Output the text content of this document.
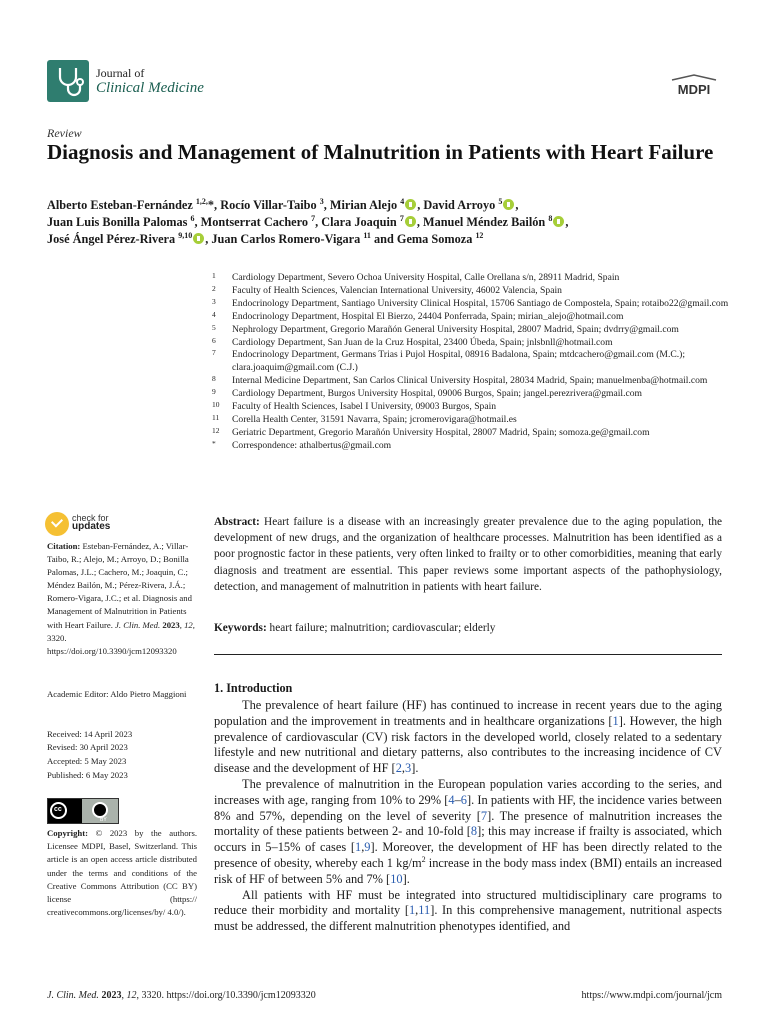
Journal of
Clinical Medicine	MDPI
Review
Diagnosis and Management of Malnutrition in Patients with Heart Failure
Alberto Esteban-Fernández $^{1,2,}$*, Rocío Villar-Taibo $^3$, Mirian Alejo $^4$ , David Arroyo $^5$ ,
Juan Luis Bonilla Palomas $^6$, Montserrat Cachero $^7$, Clara Joaquin $^7$ , Manuel Méndez Bailón $^8$ ,
José Ángel Pérez-Rivera $^{9,10}$ , Juan Carlos Romero-Vigara $^{11}$ and Gema Somoza $^{12}$
1 Cardiology Department, Severo Ochoa University Hospital, Calle Orellana s/n, 28911 Madrid, Spain
2 Faculty of Health Sciences, Valencian International University, 46002 Valencia, Spain
3 Endocrinology Department, Santiago University Clinical Hospital, 15706 Santiago de Compostela, Spain; rotaibo22@gmail.com
4 Endocrinology Department, Hospital El Bierzo, 24404 Ponferrada, Spain; mirian_alejo@hotmail.com
5 Nephrology Department, Gregorio Marañón General University Hospital, 28007 Madrid, Spain; dvdrry@gmail.com
6 Cardiology Department, San Juan de la Cruz Hospital, 23400 Úbeda, Spain; jnlsbnll@hotmail.com
7 Endocrinology Department, Germans Trias i Pujol Hospital, 08916 Badalona, Spain; mtdcachero@gmail.com (M.C.); clara.joaquim@gmail.com (C.J.)
8 Internal Medicine Department, San Carlos Clinical University Hospital, 28034 Madrid, Spain; manuelmenba@hotmail.com
9 Cardiology Department, Burgos University Hospital, 09006 Burgos, Spain; jangel.perezrivera@gmail.com
10 Faculty of Health Sciences, Isabel I University, 09003 Burgos, Spain
11 Corella Health Center, 31591 Navarra, Spain; jcromerovigara@hotmail.es
12 Geriatric Department, Gregorio Marañón University Hospital, 28007 Madrid, Spain; somoza.ge@gmail.com
* Correspondence: athalbertus@gmail.com
check for
updates
Citation: Esteban-Fernández, A.; Villar-Taibo, R.; Alejo, M.; Arroyo, D.; Bonilla Palomas, J.L.; Cachero, M.; Joaquin, C.; Méndez Bailón, M.; Pérez-Rivera, J.Á.; Romero-Vigara, J.C.; et al. Diagnosis and Management of Malnutrition in Patients with Heart Failure. J. Clin. Med. 2023, 12, 3320. https://doi.org/10.3390/jcm12093320
Academic Editor: Aldo Pietro Maggioni
Received: 14 April 2023
Revised: 30 April 2023
Accepted: 5 May 2023
Published: 6 May 2023
cc
BY
Copyright: © 2023 by the authors. Licensee MDPI, Basel, Switzerland. This article is an open access article distributed under the terms and conditions of the Creative Commons Attribution (CC BY) license (https:// creativecommons.org/licenses/by/ 4.0/).
Abstract: Heart failure is a disease with an increasingly greater prevalence due to the aging population, the development of new drugs, and the organization of healthcare processes. Malnutrition has been identified as a poor prognostic factor in these patients, very often linked to frailty or to other comorbidities, meaning that early diagnosis and treatment are essential. This paper reviews some important aspects of the pathophysiology, detection, and management of malnutrition in patients with heart failure.
Keywords: heart failure; malnutrition; cardiovascular; elderly
1. Introduction

The prevalence of heart failure (HF) has continued to increase in recent years due to the aging population and the improvement in treatments and in healthcare organizations [1]. However, the high prevalence of cardiovascular (CV) risk factors in the developed world, closely related to a sedentary lifestyle and new nutritional and dietary patterns, also contributes to the increasing incidence of CV disease and the development of HF [2,3].

The prevalence of malnutrition in the European population varies according to the series, and increases with age, ranging from 10% to 29% [4–6]. In patients with HF, the incidence varies between 8% and 57%, depending on the level of severity [7]. The presence of malnutrition increases the mortality of these patients between 2- and 10-fold [8]; this may increase if frailty is associated, which occurs in 5–15% of cases [1,9]. Moreover, the development of HF has been directly related to the presence of obesity, whereby each 1 $kg/m^2$ increase in the body mass index (BMI) entails an increased risk of HF of between 5% and 7% [10].

All patients with HF must be integrated into structured multidisciplinary care programs to reduce their morbidity and mortality [1,11]. In this comprehensive management, nutritional aspects must be addressed, the different malnutrition phenotypes identified, and

J. Clin. Med. 2023, 12, 3320. https://doi.org/10.3390/jcm12093320	https://www.mdpi.com/journal/jcm
